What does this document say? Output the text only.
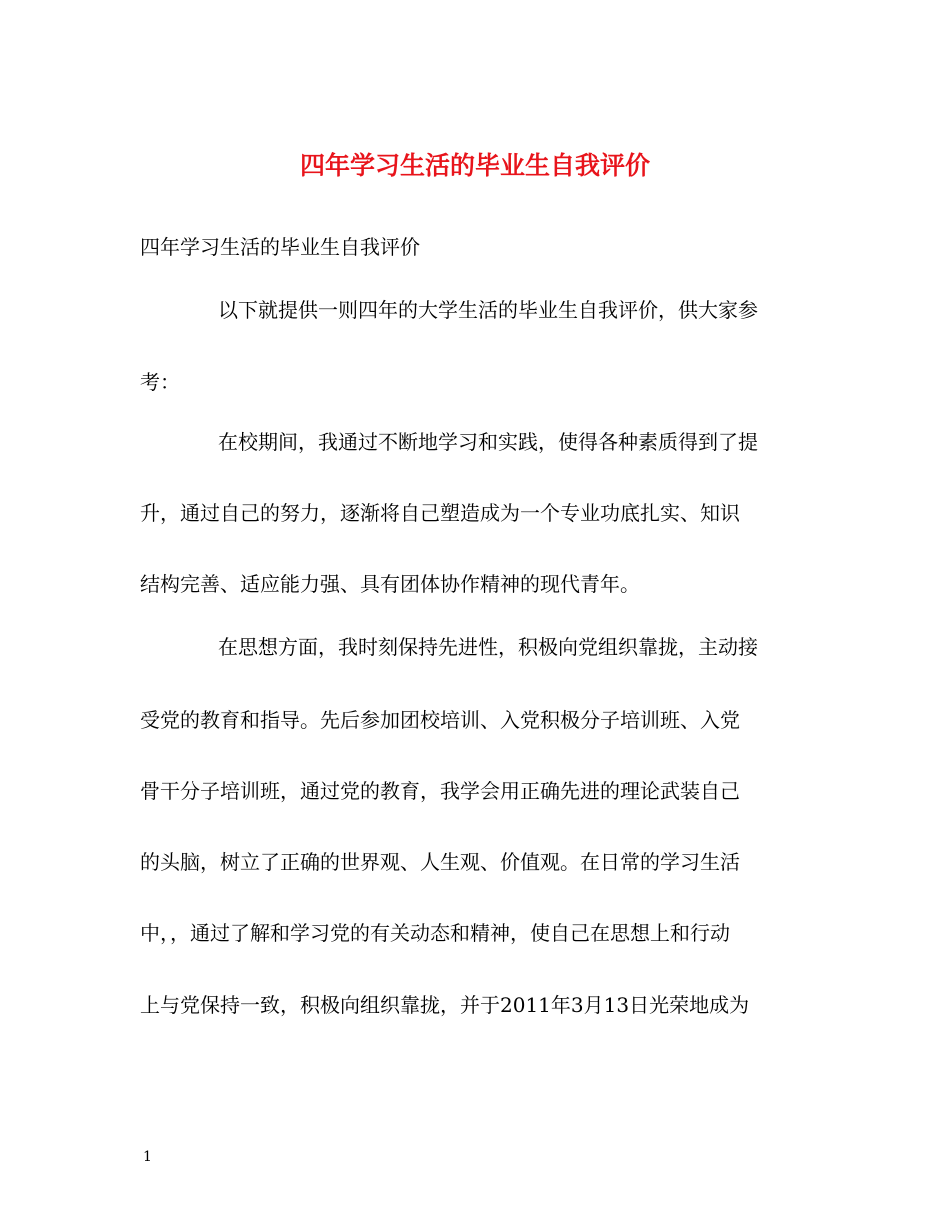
四年学习生活的毕业生自我评价
四年学习生活的毕业生自我评价
以下就提供一则四年的大学生活的毕业生自我评价，供大家参
考：
在校期间，我通过不断地学习和实践，使得各种素质得到了提
升，通过自己的努力，逐渐将自己塑造成为一个专业功底扎实、知识
结构完善、适应能力强、具有团体协作精神的现代青年。
在思想方面，我时刻保持先进性，积极向党组织靠拢，主动接
受党的教育和指导。先后参加团校培训、入党积极分子培训班、入党
骨干分子培训班，通过党的教育，我学会用正确先进的理论武装自己
的头脑，树立了正确的世界观、人生观、价值观。在日常的学习生活
中，，通过了解和学习党的有关动态和精神，使自己在思想上和行动
上与党保持一致，积极向组织靠拢，并于2011年3月13日光荣地成为
1
